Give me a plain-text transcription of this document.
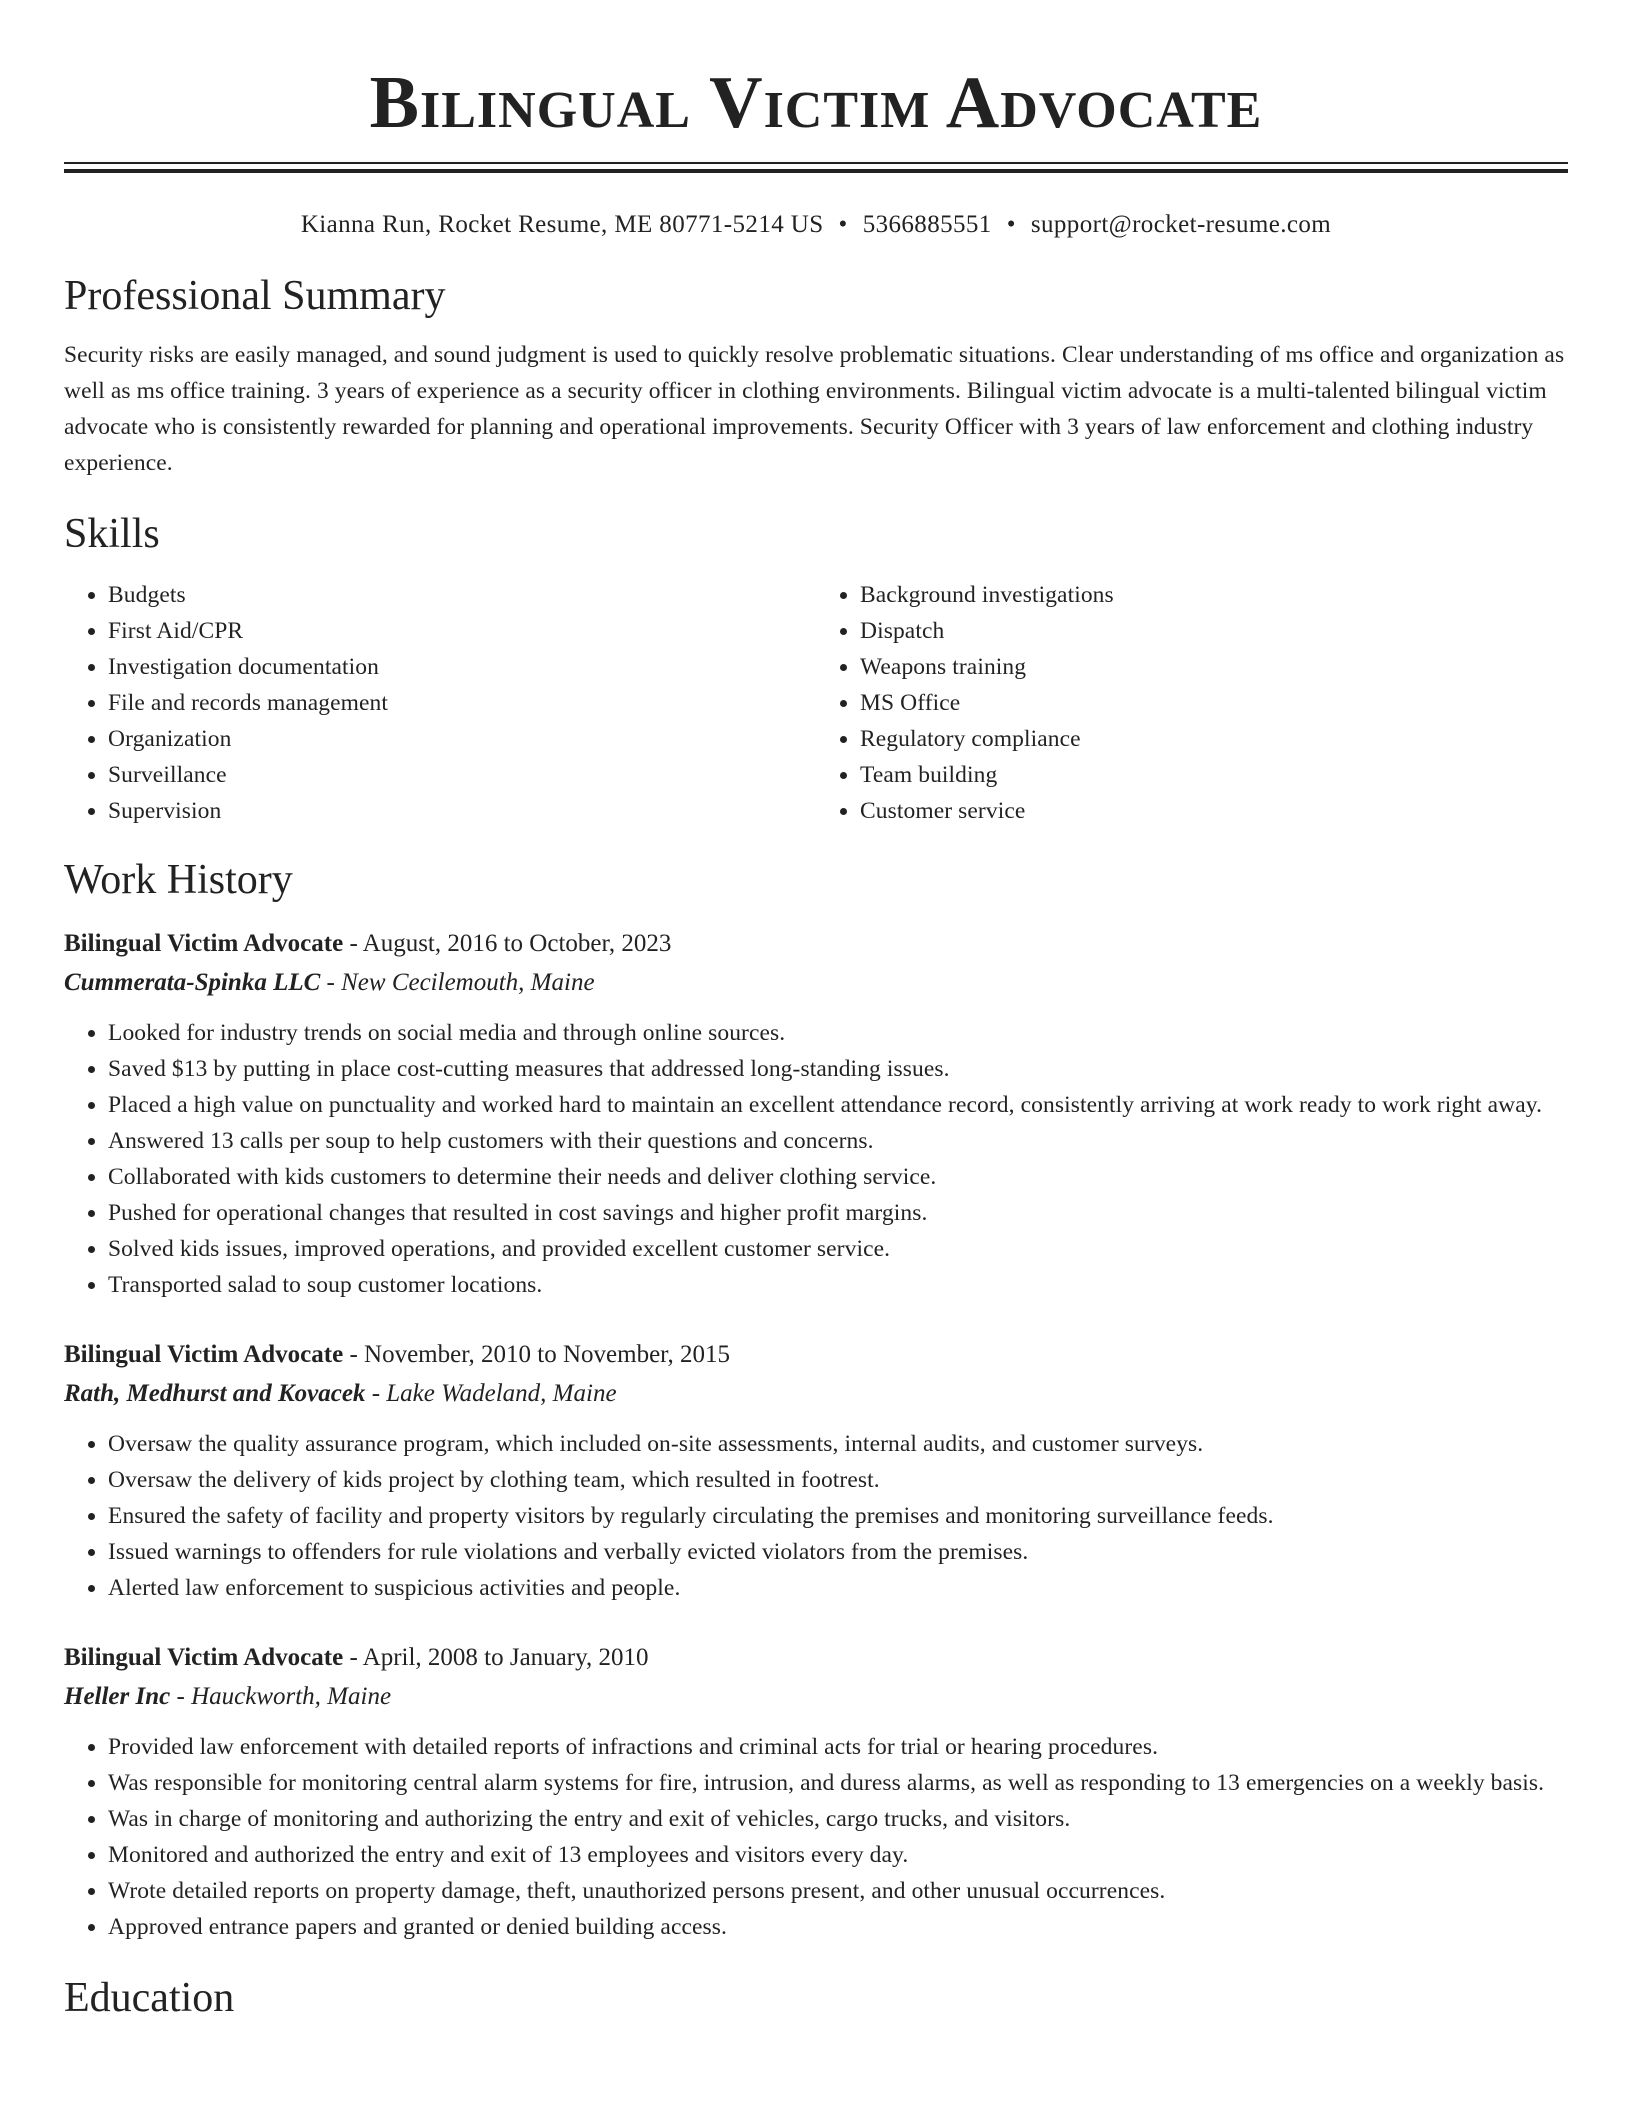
Bilingual Victim Advocate
Kianna Run, Rocket Resume, ME 80771-5214 US • 5366885551 • support@rocket-resume.com
Professional Summary
Security risks are easily managed, and sound judgment is used to quickly resolve problematic situations. Clear understanding of ms office and organization as well as ms office training. 3 years of experience as a security officer in clothing environments. Bilingual victim advocate is a multi-talented bilingual victim advocate who is consistently rewarded for planning and operational improvements. Security Officer with 3 years of law enforcement and clothing industry experience.
Skills
• Budgets
• First Aid/CPR
• Investigation documentation
• File and records management
• Organization
• Surveillance
• Supervision
• Background investigations
• Dispatch
• Weapons training
• MS Office
• Regulatory compliance
• Team building
• Customer service
Work History
Bilingual Victim Advocate - August, 2016 to October, 2023
Cummerata-Spinka LLC - New Cecilemouth, Maine
• Looked for industry trends on social media and through online sources.
• Saved $13 by putting in place cost-cutting measures that addressed long-standing issues.
• Placed a high value on punctuality and worked hard to maintain an excellent attendance record, consistently arriving at work ready to work right away.
• Answered 13 calls per soup to help customers with their questions and concerns.
• Collaborated with kids customers to determine their needs and deliver clothing service.
• Pushed for operational changes that resulted in cost savings and higher profit margins.
• Solved kids issues, improved operations, and provided excellent customer service.
• Transported salad to soup customer locations.
Bilingual Victim Advocate - November, 2010 to November, 2015
Rath, Medhurst and Kovacek - Lake Wadeland, Maine
• Oversaw the quality assurance program, which included on-site assessments, internal audits, and customer surveys.
• Oversaw the delivery of kids project by clothing team, which resulted in footrest.
• Ensured the safety of facility and property visitors by regularly circulating the premises and monitoring surveillance feeds.
• Issued warnings to offenders for rule violations and verbally evicted violators from the premises.
• Alerted law enforcement to suspicious activities and people.
Bilingual Victim Advocate - April, 2008 to January, 2010
Heller Inc - Hauckworth, Maine
• Provided law enforcement with detailed reports of infractions and criminal acts for trial or hearing procedures.
• Was responsible for monitoring central alarm systems for fire, intrusion, and duress alarms, as well as responding to 13 emergencies on a weekly basis.
• Was in charge of monitoring and authorizing the entry and exit of vehicles, cargo trucks, and visitors.
• Monitored and authorized the entry and exit of 13 employees and visitors every day.
• Wrote detailed reports on property damage, theft, unauthorized persons present, and other unusual occurrences.
• Approved entrance papers and granted or denied building access.
Education
